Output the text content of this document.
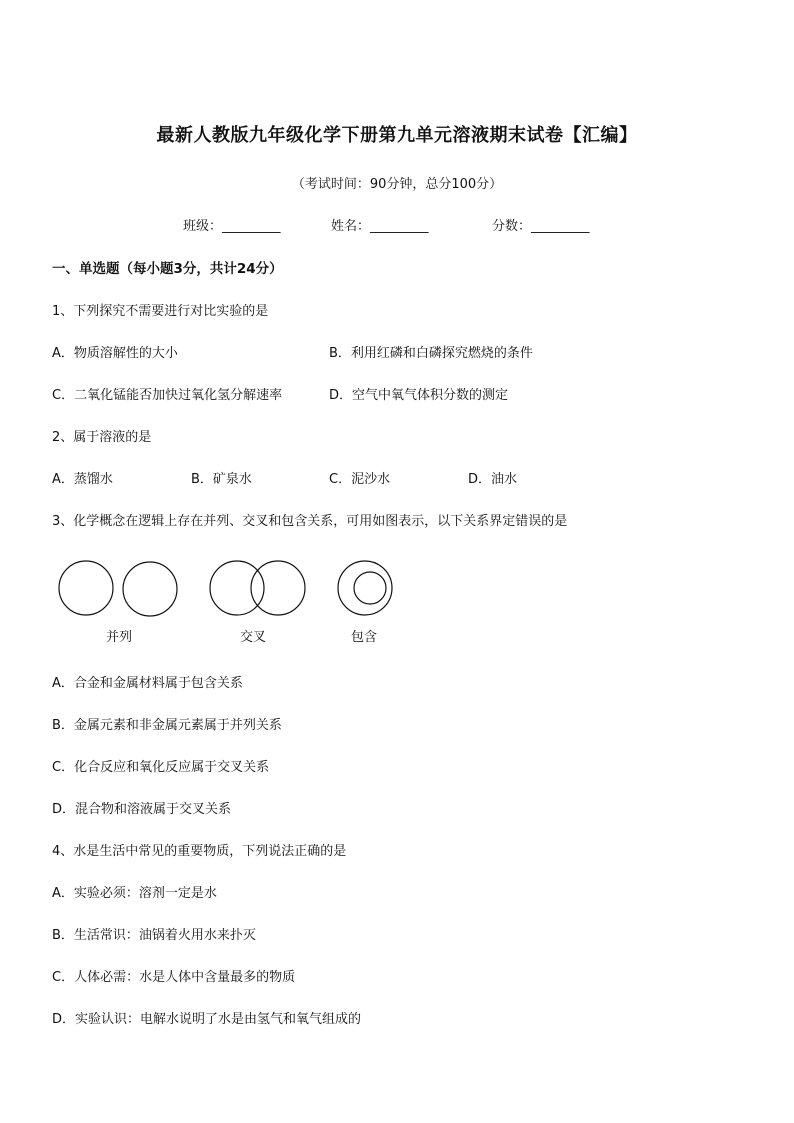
最新人教版九年级化学下册第九单元溶液期末试卷【汇编】
（考试时间：90分钟，总分100分）
班级：_________	姓名：_________	分数：_________
一、单选题（每小题3分，共计24分）
1、下列探究不需要进行对比实验的是
A．物质溶解性的大小	B．利用红磷和白磷探究燃烧的条件
C．二氧化锰能否加快过氧化氢分解速率	D．空气中氧气体积分数的测定
2、属于溶液的是
A．蒸馏水	B．矿泉水	C．泥沙水	D．油水
3、化学概念在逻辑上存在并列、交叉和包含关系，可用如图表示，以下关系界定错误的是
并列	交叉	包含
A．合金和金属材料属于包含关系
B．金属元素和非金属元素属于并列关系
C．化合反应和氧化反应属于交叉关系
D．混合物和溶液属于交叉关系
4、水是生活中常见的重要物质，下列说法正确的是
A．实验必须：溶剂一定是水
B．生活常识：油锅着火用水来扑灭
C．人体必需：水是人体中含量最多的物质
D．实验认识：电解水说明了水是由氢气和氧气组成的
